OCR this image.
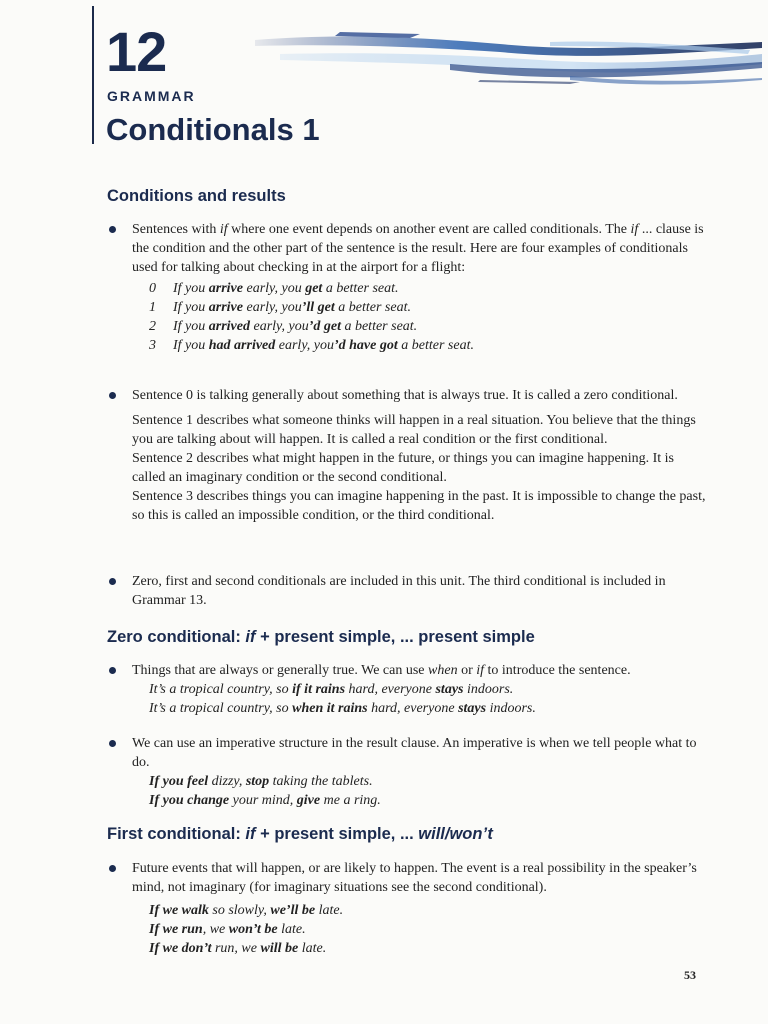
12
GRAMMAR
Conditionals 1
Conditions and results

Sentences with if where one event depends on another event are called conditionals. The if ... clause is the condition and the other part of the sentence is the result. Here are four examples of conditionals used for talking about checking in at the airport for a flight:

0 If you arrive early, you get a better seat.

1 If you arrive early, you’ll get a better seat.

2 If you arrived early, you’d get a better seat.

3 If you had arrived early, you’d have got a better seat.

Sentence 0 is talking generally about something that is always true. It is called a zero conditional.

Sentence 1 describes what someone thinks will happen in a real situation. You believe that the things you are talking about will happen. It is called a real condition or the first conditional.

Sentence 2 describes what might happen in the future, or things you can imagine happening. It is called an imaginary condition or the second conditional.

Sentence 3 describes things you can imagine happening in the past. It is impossible to change the past, so this is called an impossible condition, or the third conditional.

Zero, first and second conditionals are included in this unit. The third conditional is included in Grammar 13.

Zero conditional: if + present simple, ... present simple

Things that are always or generally true. We can use when or if to introduce the sentence.

It’s a tropical country, so if it rains hard, everyone stays indoors.

It’s a tropical country, so when it rains hard, everyone stays indoors.

We can use an imperative structure in the result clause. An imperative is when we tell people what to do.

If you feel dizzy, stop taking the tablets.

If you change your mind, give me a ring.

First conditional: if + present simple, ... will/won’t

Future events that will happen, or are likely to happen. The event is a real possibility in the speaker’s mind, not imaginary (for imaginary situations see the second conditional).

If we walk so slowly, we’ll be late.

If we run, we won’t be late.

If we don’t run, we will be late.

53
